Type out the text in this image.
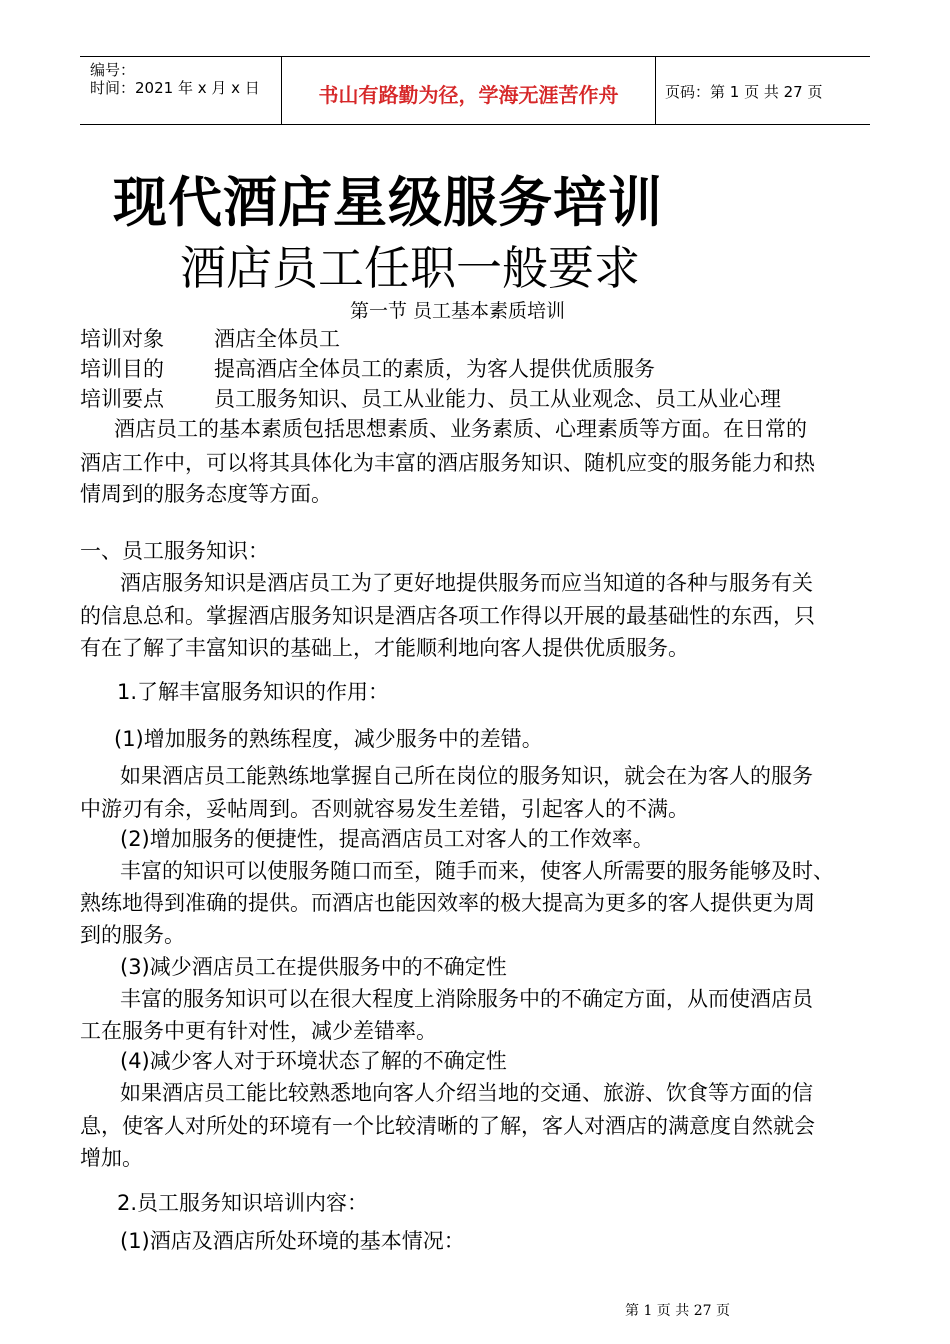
编号：
时间：2021 年 x 月 x 日	书山有路勤为径，学海无涯苦作舟	页码：第 1 页 共 27 页
现代酒店星级服务培训
酒店员工任职一般要求
第一节 员工基本素质培训
培训对象 酒店全体员工
培训目的 提高酒店全体员工的素质，为客人提供优质服务
培训要点 员工服务知识、员工从业能力、员工从业观念、员工从业心理
酒店员工的基本素质包括思想素质、业务素质、心理素质等方面。在日常的
酒店工作中，可以将其具体化为丰富的酒店服务知识、随机应变的服务能力和热
情周到的服务态度等方面。
一、员工服务知识：
酒店服务知识是酒店员工为了更好地提供服务而应当知道的各种与服务有关
的信息总和。掌握酒店服务知识是酒店各项工作得以开展的最基础性的东西，只
有在了解了丰富知识的基础上，才能顺利地向客人提供优质服务。
1.了解丰富服务知识的作用：
(1)增加服务的熟练程度，减少服务中的差错。
如果酒店员工能熟练地掌握自己所在岗位的服务知识，就会在为客人的服务
中游刃有余，妥帖周到。否则就容易发生差错，引起客人的不满。
(2)增加服务的便捷性，提高酒店员工对客人的工作效率。
丰富的知识可以使服务随口而至，随手而来，使客人所需要的服务能够及时、
熟练地得到准确的提供。而酒店也能因效率的极大提高为更多的客人提供更为周
到的服务。
(3)减少酒店员工在提供服务中的不确定性
丰富的服务知识可以在很大程度上消除服务中的不确定方面，从而使酒店员
工在服务中更有针对性，减少差错率。
(4)减少客人对于环境状态了解的不确定性
如果酒店员工能比较熟悉地向客人介绍当地的交通、旅游、饮食等方面的信
息，使客人对所处的环境有一个比较清晰的了解，客人对酒店的满意度自然就会
增加。
2.员工服务知识培训内容：
(1)酒店及酒店所处环境的基本情况：
第 1 页 共 27 页
